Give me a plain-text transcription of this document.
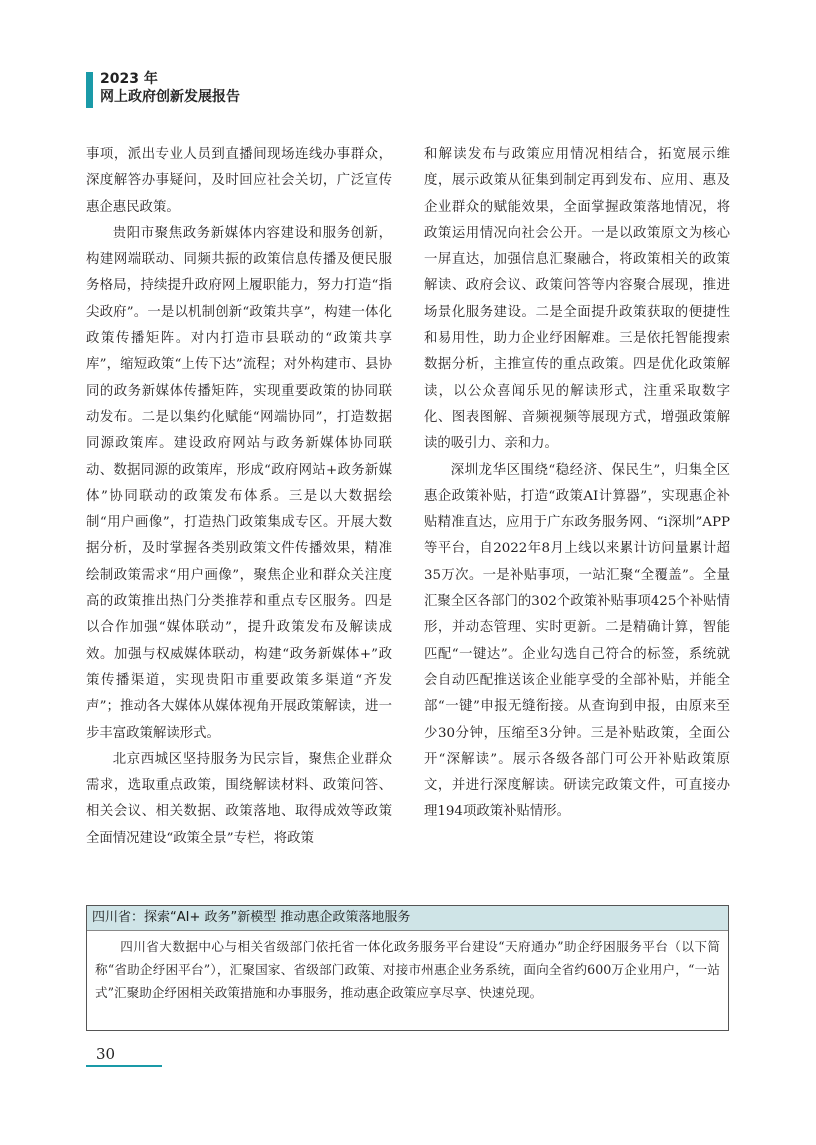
2023 年
网上政府创新发展报告

事项，派出专业人员到直播间现场连线办事群众，深度解答办事疑问，及时回应社会关切，广泛宣传惠企惠民政策。

贵阳市聚焦政务新媒体内容建设和服务创新，构建网端联动、同频共振的政策信息传播及便民服务格局，持续提升政府网上履职能力，努力打造“指尖政府”。一是以机制创新“政策共享”，构建一体化政策传播矩阵。对内打造市县联动的“政策共享库”，缩短政策“上传下达”流程；对外构建市、县协同的政务新媒体传播矩阵，实现重要政策的协同联动发布。二是以集约化赋能“网端协同”，打造数据同源政策库。建设政府网站与政务新媒体协同联动、数据同源的政策库，形成“政府网站+政务新媒体”协同联动的政策发布体系。三是以大数据绘制“用户画像”，打造热门政策集成专区。开展大数据分析，及时掌握各类别政策文件传播效果，精准绘制政策需求“用户画像”，聚焦企业和群众关注度高的政策推出热门分类推荐和重点专区服务。四是以合作加强“媒体联动”，提升政策发布及解读成效。加强与权威媒体联动，构建“政务新媒体+”政策传播渠道，实现贵阳市重要政策多渠道“齐发声”；推动各大媒体从媒体视角开展政策解读，进一步丰富政策解读形式。

北京西城区坚持服务为民宗旨，聚焦企业群众需求，选取重点政策，围绕解读材料、政策问答、相关会议、相关数据、政策落地、取得成效等政策全面情况建设“政策全景”专栏，将政策

和解读发布与政策应用情况相结合，拓宽展示维度，展示政策从征集到制定再到发布、应用、惠及企业群众的赋能效果，全面掌握政策落地情况，将政策运用情况向社会公开。一是以政策原文为核心一屏直达，加强信息汇聚融合，将政策相关的政策解读、政府会议、政策问答等内容聚合展现，推进场景化服务建设。二是全面提升政策获取的便捷性和易用性，助力企业纾困解难。三是依托智能搜索数据分析，主推宣传的重点政策。四是优化政策解读，以公众喜闻乐见的解读形式，注重采取数字化、图表图解、音频视频等展现方式，增强政策解读的吸引力、亲和力。

深圳龙华区围绕“稳经济、保民生”，归集全区惠企政策补贴，打造“政策AI计算器”，实现惠企补贴精准直达，应用于广东政务服务网、“i深圳”APP等平台，自2022年8月上线以来累计访问量累计超35万次。一是补贴事项，一站汇聚“全覆盖”。全量汇聚全区各部门的302个政策补贴事项425个补贴情形，并动态管理、实时更新。二是精确计算，智能匹配“一键达”。企业勾选自己符合的标签，系统就会自动匹配推送该企业能享受的全部补贴，并能全部“一键”申报无缝衔接。从查询到申报，由原来至少30分钟，压缩至3分钟。三是补贴政策，全面公开“深解读”。展示各级各部门可公开补贴政策原文，并进行深度解读。研读完政策文件，可直接办理194项政策补贴情形。

四川省：探索“AI+ 政务”新模型 推动惠企政策落地服务
四川省大数据中心与相关省级部门依托省一体化政务服务平台建设“天府通办”助企纾困服务平台（以下简称“省助企纾困平台”），汇聚国家、省级部门政策、对接市州惠企业务系统，面向全省约600万企业用户，“一站式”汇聚助企纾困相关政策措施和办事服务，推动惠企政策应享尽享、快速兑现。
30
